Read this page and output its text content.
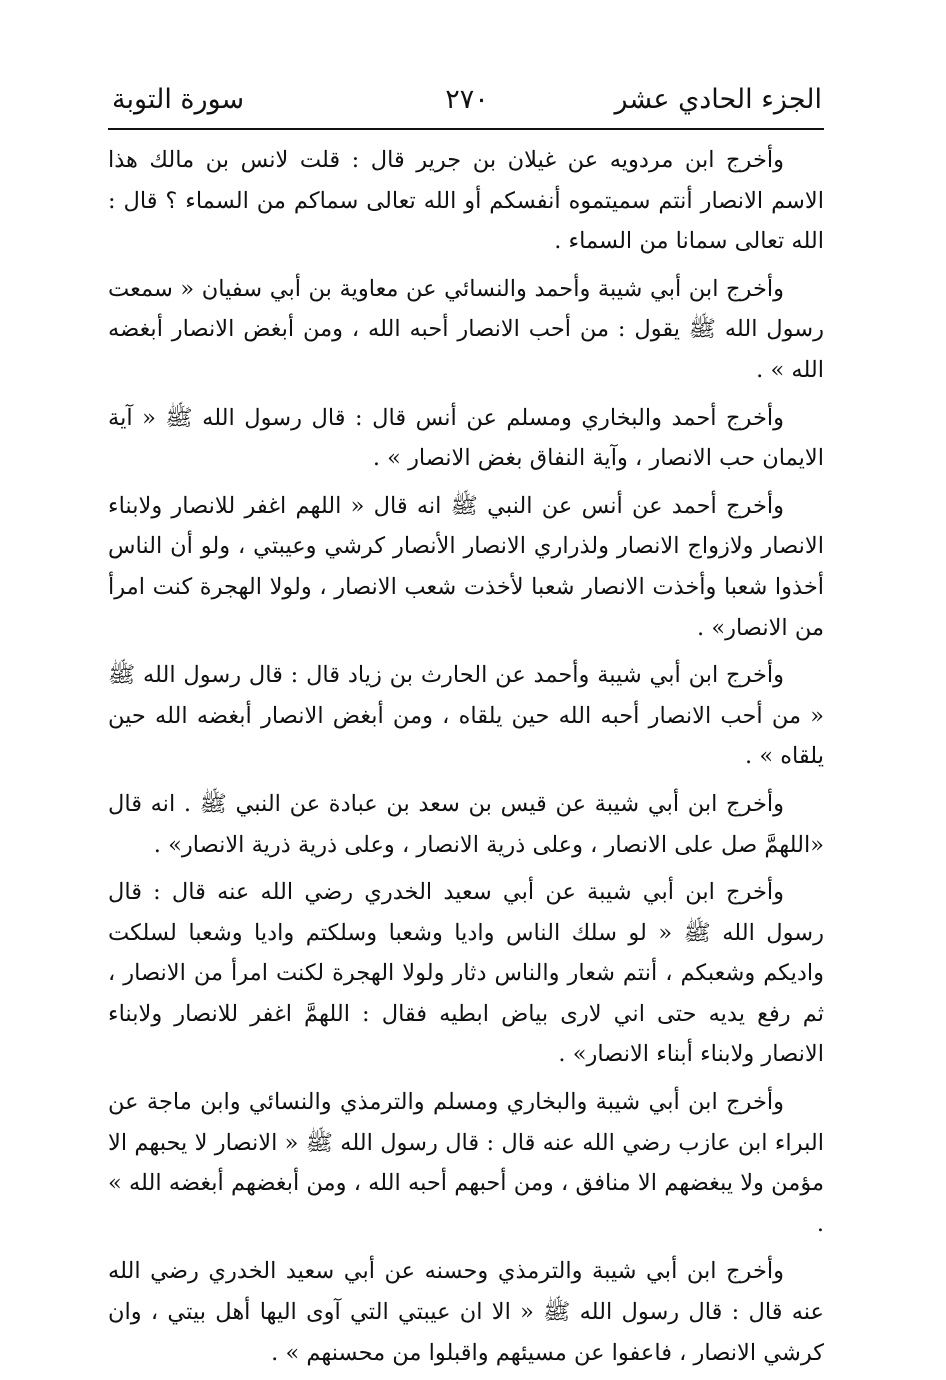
الجزء الحادي عشر
٢٧٠
سورة التوبة

وأخرج ابن مردويه عن غيلان بن جرير قال : قلت لانس بن مالك هذا الاسم الانصار أنتم سميتموه أنفسكم أو الله تعالى سماكم من السماء ؟ قال : الله تعالى سمانا من السماء .

وأخرج ابن أبي شيبة وأحمد والنسائي عن معاوية بن أبي سفيان « سمعت رسول الله ﷺ يقول : من أحب الانصار أحبه الله ، ومن أبغض الانصار أبغضه الله » .

وأخرج أحمد والبخاري ومسلم عن أنس قال : قال رسول الله ﷺ « آية الايمان حب الانصار ، وآية النفاق بغض الانصار » .

وأخرج أحمد عن أنس عن النبي ﷺ انه قال « اللهم اغفر للانصار ولابناء الانصار ولازواج الانصار ولذراري الانصار الأنصار كرشي وعيبتي ، ولو أن الناس أخذوا شعبا وأخذت الانصار شعبا لأخذت شعب الانصار ، ولولا الهجرة كنت امرأ من الانصار» .

وأخرج ابن أبي شيبة وأحمد عن الحارث بن زياد قال : قال رسول الله ﷺ « من أحب الانصار أحبه الله حين يلقاه ، ومن أبغض الانصار أبغضه الله حين يلقاه » .

وأخرج ابن أبي شيبة عن قيس بن سعد بن عبادة عن النبي ﷺ . انه قال «اللهمَّ صل على الانصار ، وعلى ذرية الانصار ، وعلى ذرية ذرية الانصار» .

وأخرج ابن أبي شيبة عن أبي سعيد الخدري رضي الله عنه قال : قال رسول الله ﷺ « لو سلك الناس واديا وشعبا وسلكتم واديا وشعبا لسلكت واديكم وشعبكم ، أنتم شعار والناس دثار ولولا الهجرة لكنت امرأ من الانصار ، ثم رفع يديه حتى اني لارى بياض ابطيه فقال : اللهمَّ اغفر للانصار ولابناء الانصار ولابناء أبناء الانصار» .

وأخرج ابن أبي شيبة والبخاري ومسلم والترمذي والنسائي وابن ماجة عن البراء ابن عازب رضي الله عنه قال : قال رسول الله ﷺ « الانصار لا يحبهم الا مؤمن ولا يبغضهم الا منافق ، ومن أحبهم أحبه الله ، ومن أبغضهم أبغضه الله » .

وأخرج ابن أبي شيبة والترمذي وحسنه عن أبي سعيد الخدري رضي الله عنه قال : قال رسول الله ﷺ « الا ان عيبتي التي آوى اليها أهل بيتي ، وان كرشي الانصار ، فاعفوا عن مسيئهم واقبلوا من محسنهم » .
